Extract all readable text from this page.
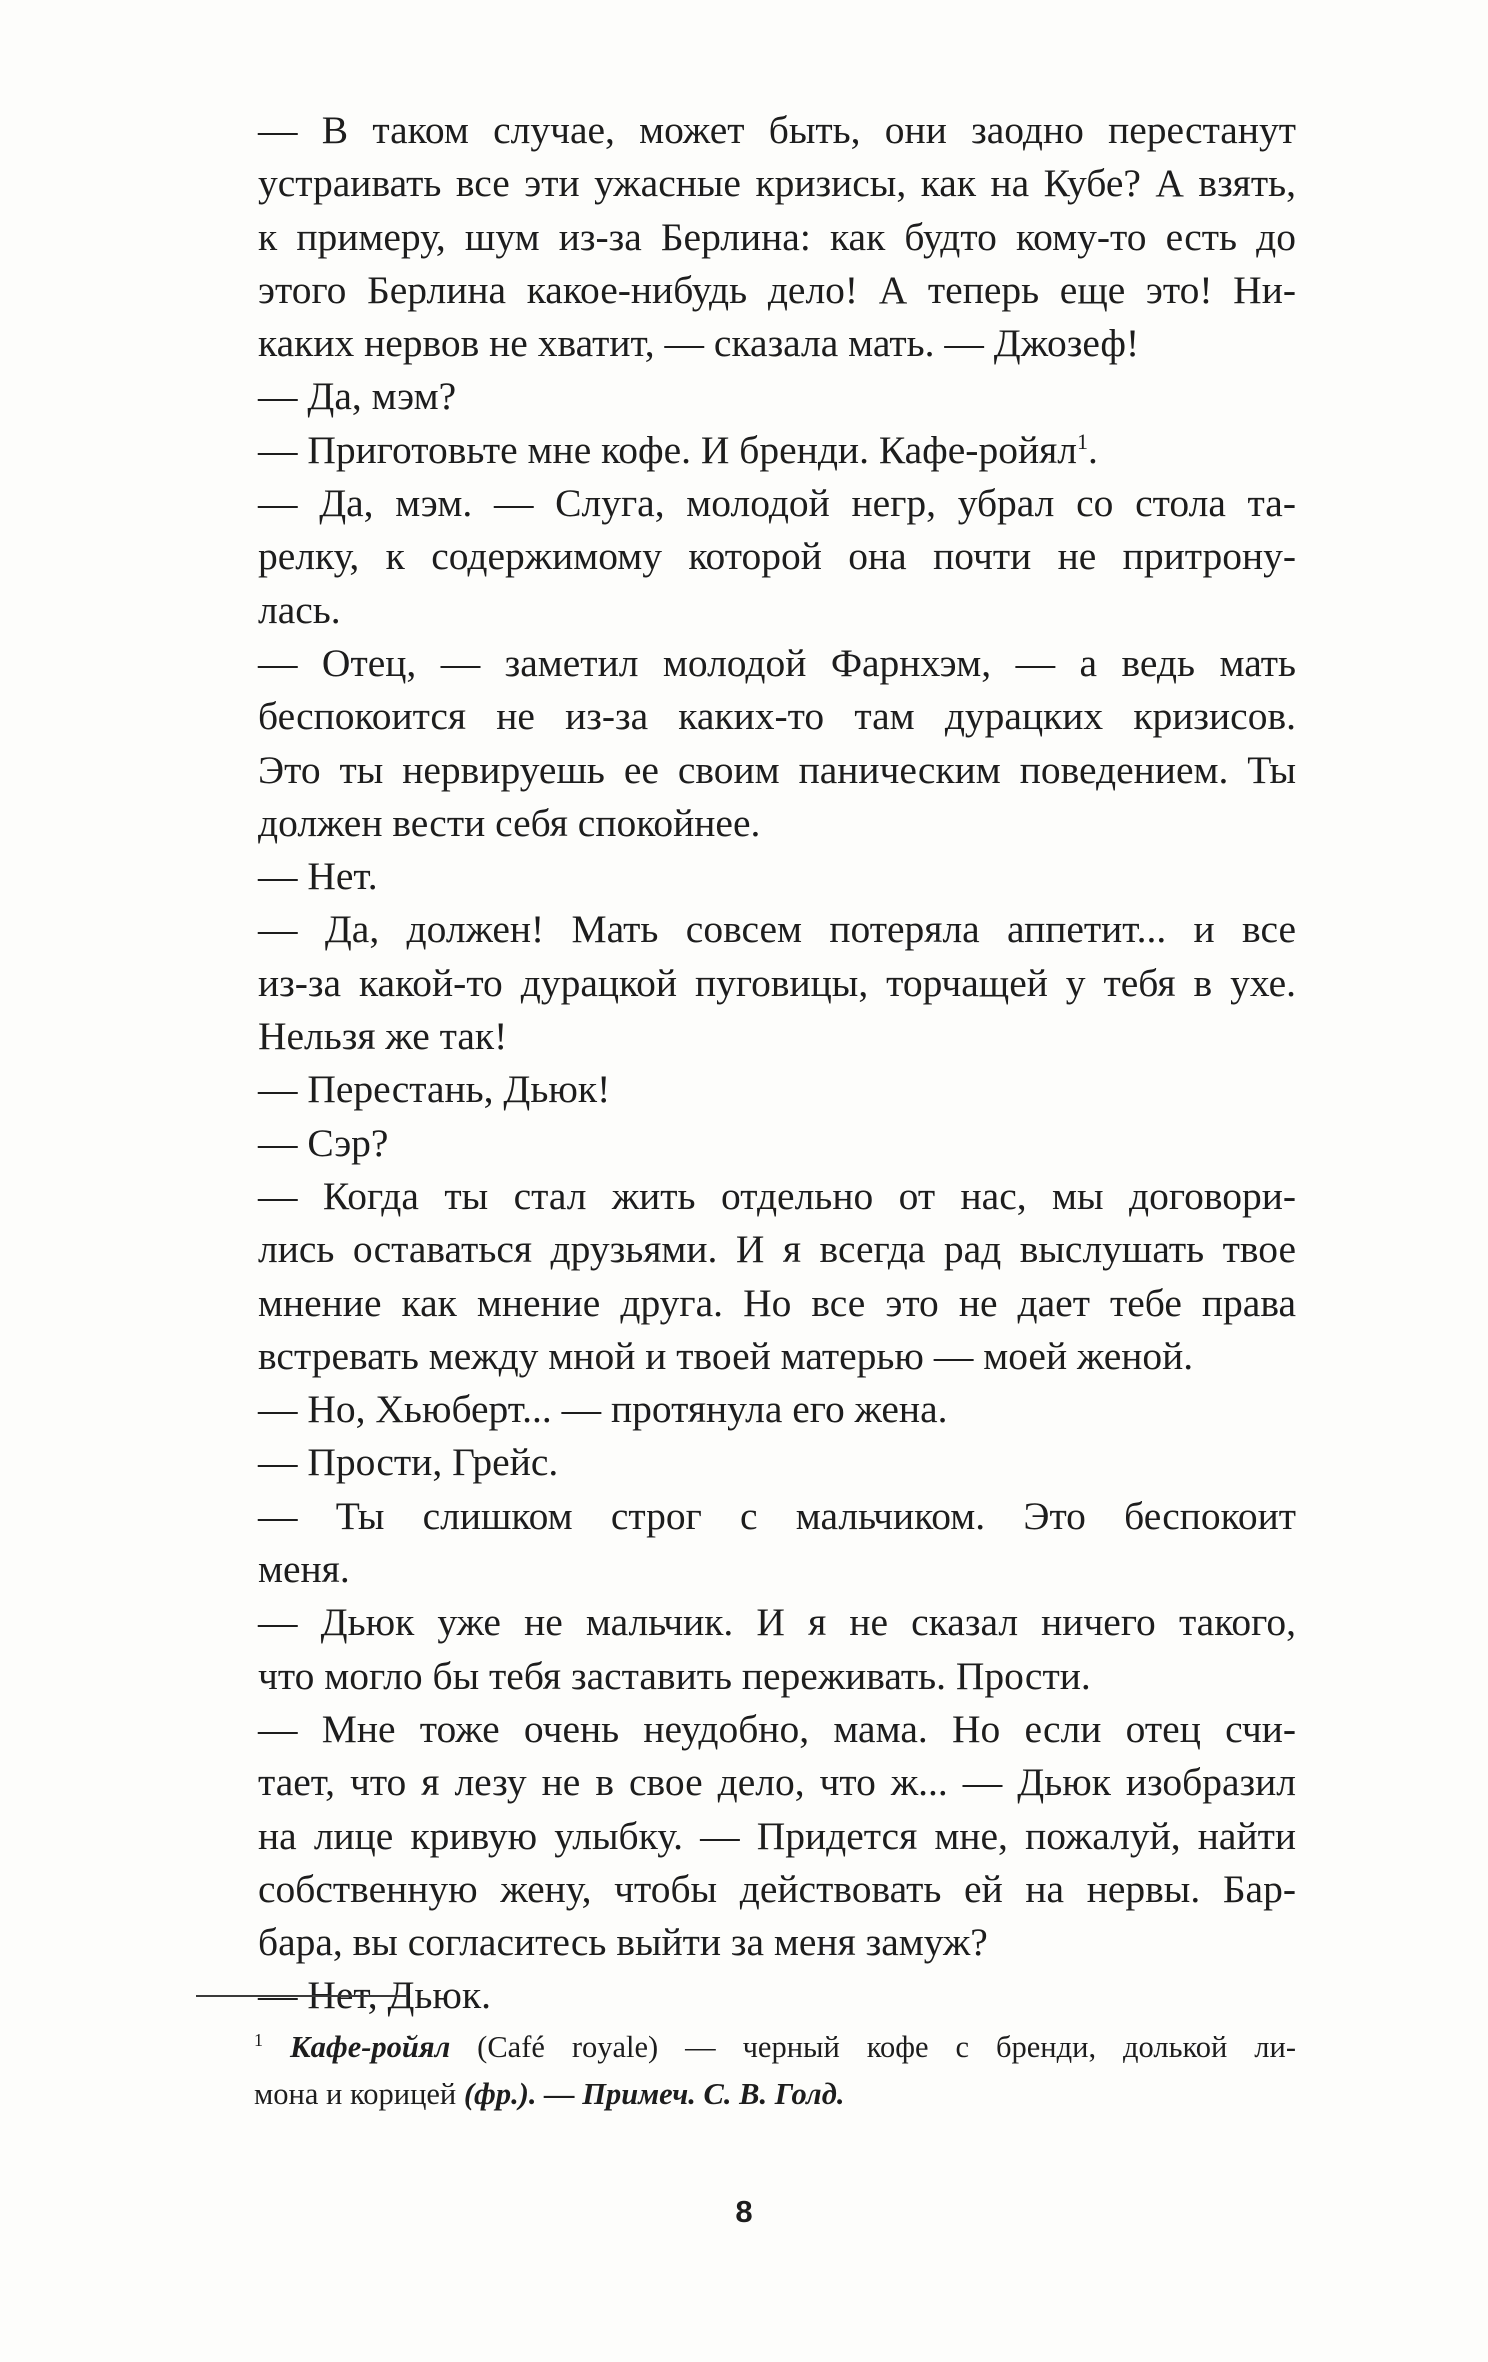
— В таком случае, может быть, они заодно перестанут
устраивать все эти ужасные кризисы, как на Кубе? А взять,
к примеру, шум из-за Берлина: как будто кому-то есть до
этого Берлина какое-нибудь дело! А теперь еще это! Ни-
каких нервов не хватит, — сказала мать. — Джозеф!

— Да, мэм?

— Приготовьте мне кофе. И бренди. Кафе-ройял$^1$.

— Да, мэм. — Слуга, молодой негр, убрал со стола та-
релку, к содержимому которой она почти не притрону-
лась.

— Отец, — заметил молодой Фарнхэм, — а ведь мать
беспокоится не из-за каких-то там дурацких кризисов.
Это ты нервируешь ее своим паническим поведением. Ты
должен вести себя спокойнее.

— Нет.

— Да, должен! Мать совсем потеряла аппетит... и все
из-за какой-то дурацкой пуговицы, торчащей у тебя в ухе.
Нельзя же так!

— Перестань, Дьюк!

— Сэр?

— Когда ты стал жить отдельно от нас, мы договори-
лись оставаться друзьями. И я всегда рад выслушать твое
мнение как мнение друга. Но все это не дает тебе права
встревать между мной и твоей матерью — моей женой.

— Но, Хьюберт... — протянула его жена.

— Прости, Грейс.

— Ты слишком строг с мальчиком. Это беспокоит
меня.

— Дьюк уже не мальчик. И я не сказал ничего такого,
что могло бы тебя заставить переживать. Прости.

— Мне тоже очень неудобно, мама. Но если отец счи-
тает, что я лезу не в свое дело, что ж... — Дьюк изобразил
на лице кривую улыбку. — Придется мне, пожалуй, найти
собственную жену, чтобы действовать ей на нервы. Бар-
бара, вы согласитесь выйти за меня замуж?

— Нет, Дьюк.

$^1$ Кафе-ройял (Café royale) — черный кофе с бренди, долькой ли-
мона и корицей (фр.). — Примеч. С. В. Голд.
8
